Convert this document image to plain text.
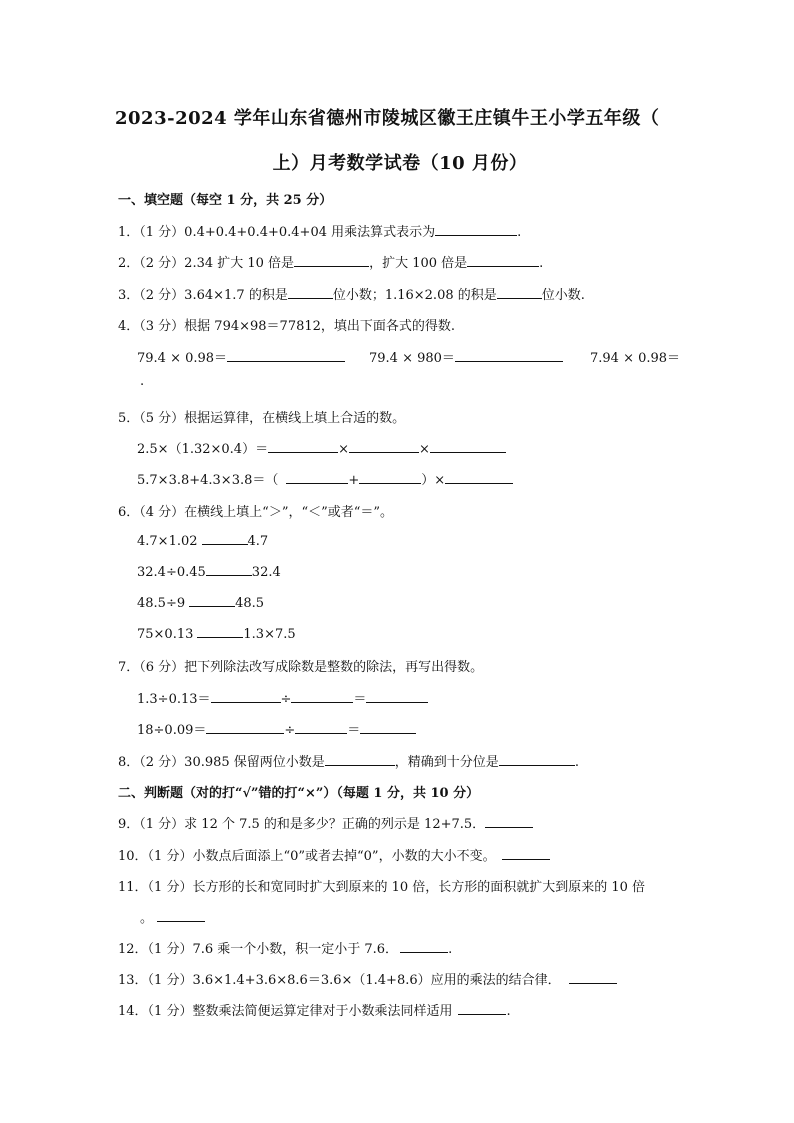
2023-2024 学年山东省德州市陵城区徽王庄镇牛王小学五年级（
上）月考数学试卷（10 月份）
一、填空题（每空 1 分，共 25 分）
1．（1 分）0.4+0.4+0.4+0.4+04 用乘法算式表示为	.
2．（2 分）2.34 扩大 10 倍是	，扩大 100 倍是	.
3．（2 分）3.64×1.7 的积是	位小数；1.16×2.08 的积是	位小数.
4．（3 分）根据 794×98＝77812，填出下面各式的得数.
79.4 × 0.98＝	79.4 × 980＝	7.94 × 0.98＝
.
5．（5 分）根据运算律，在横线上填上合适的数。
2.5×（1.32×0.4）＝	×	×
5.7×3.8+4.3×3.8＝（	+	）×
6．（4 分）在横线上填上“＞”，“＜”或者“＝”。
4.7×1.02	4.7
32.4÷0.45	32.4
48.5÷9	48.5
75×0.13	1.3×7.5
7．（6 分）把下列除法改写成除数是整数的除法，再写出得数。
1.3÷0.13＝	÷	＝
18÷0.09＝	÷	＝
8．（2 分）30.985 保留两位小数是	，精确到十分位是	.
二、判断题（对的打“√”错的打“×”）（每题 1 分，共 10 分）
9．（1 分）求 12 个 7.5 的和是多少？正确的列示是 12+7.5．
10．（1 分）小数点后面添上“0”或者去掉“0”，小数的大小不变。
11．（1 分）长方形的长和宽同时扩大到原来的 10 倍，长方形的面积就扩大到原来的 10 倍
。
12．（1 分）7.6 乘一个小数，积一定小于 7.6．	.
13．（1 分）3.6×1.4+3.6×8.6＝3.6×（1.4+8.6）应用的乘法的结合律．
14．（1 分）整数乘法简便运算定律对于小数乘法同样适用	.
